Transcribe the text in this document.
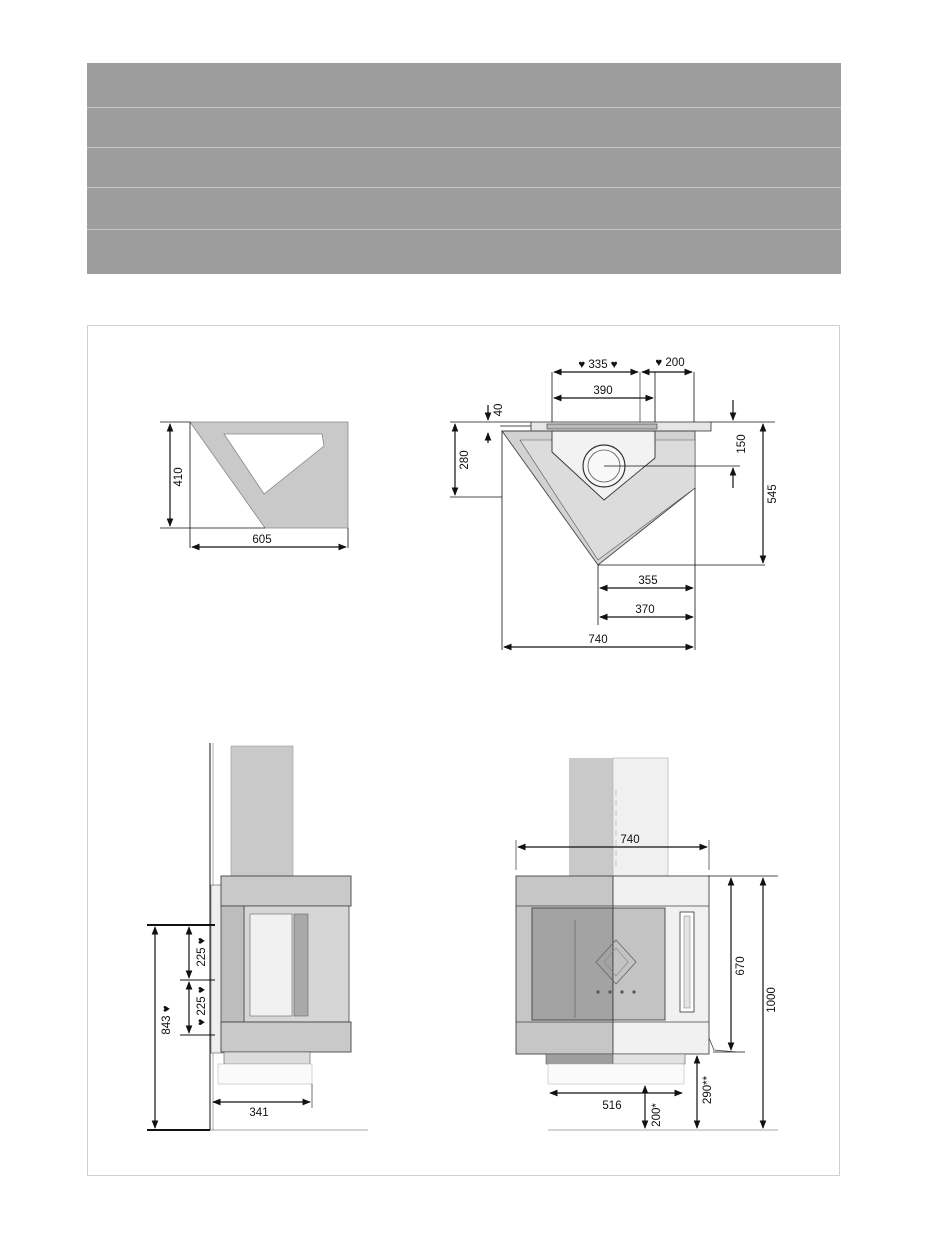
410
605
♥ 335 ♥	♥ 200
390
40
280
150
545
355
370
740
225 ♥
♥ 225 ♥
843 ♥
341
740
670
1000
516	200*
290**
